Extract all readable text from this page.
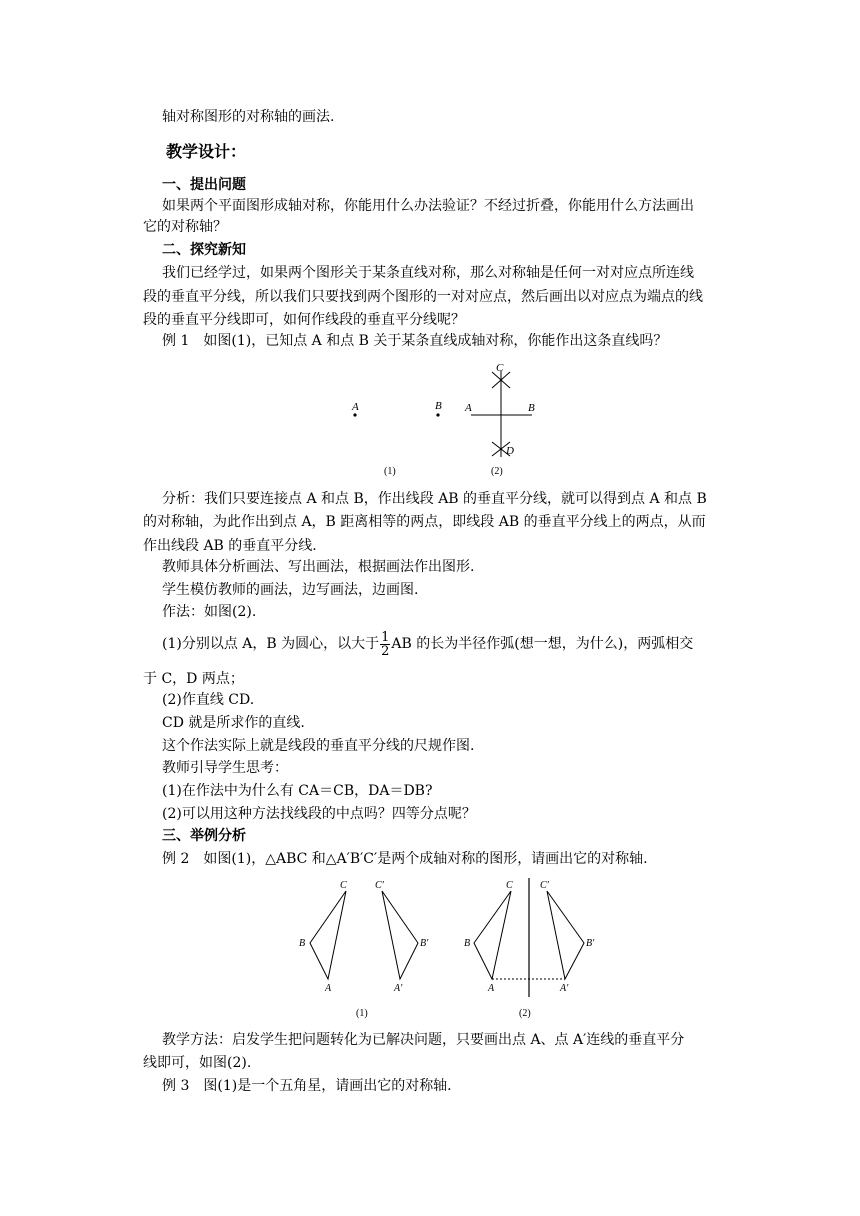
轴对称图形的对称轴的画法.
教学设计：
一、提出问题
如果两个平面图形成轴对称，你能用什么办法验证？不经过折叠，你能用什么方法画出
它的对称轴？
二、探究新知
我们已经学过，如果两个图形关于某条直线对称，那么对称轴是任何一对对应点所连线
段的垂直平分线，所以我们只要找到两个图形的一对对应点，然后画出以对应点为端点的线
段的垂直平分线即可，如何作线段的垂直平分线呢？
例 1　如图(1)，已知点 A 和点 B 关于某条直线成轴对称，你能作出这条直线吗？
A	B
C
A	B
D
(1)	(2)
分析：我们只要连接点 A 和点 B，作出线段 AB 的垂直平分线，就可以得到点 A 和点 B
的对称轴，为此作出到点 A，B 距离相等的两点，即线段 AB 的垂直平分线上的两点，从而
作出线段 AB 的垂直平分线.
教师具体分析画法、写出画法，根据画法作出图形.
学生模仿教师的画法，边写画法，边画图.
作法：如图(2).
(1)分别以点 A，B 为圆心，以大于 $\frac{1}{2}$ AB 的长为半径作弧(想一想，为什么)，两弧相交
于 C，D 两点；
(2)作直线 CD.
CD 就是所求作的直线.
这个作法实际上就是线段的垂直平分线的尺规作图.
教师引导学生思考：
(1)在作法中为什么有 CA＝CB，DA＝DB?
(2)可以用这种方法找线段的中点吗？四等分点呢？
三、举例分析
例 2　如图(1)，△ABC 和△A′B′C′是两个成轴对称的图形，请画出它的对称轴.
C	C′
B	B′
A	A′
C	C′
B	B′
A	A′
(1)	(2)
教学方法：启发学生把问题转化为已解决问题，只要画出点 A、点 A′连线的垂直平分
线即可，如图(2).
例 3　图(1)是一个五角星，请画出它的对称轴.
